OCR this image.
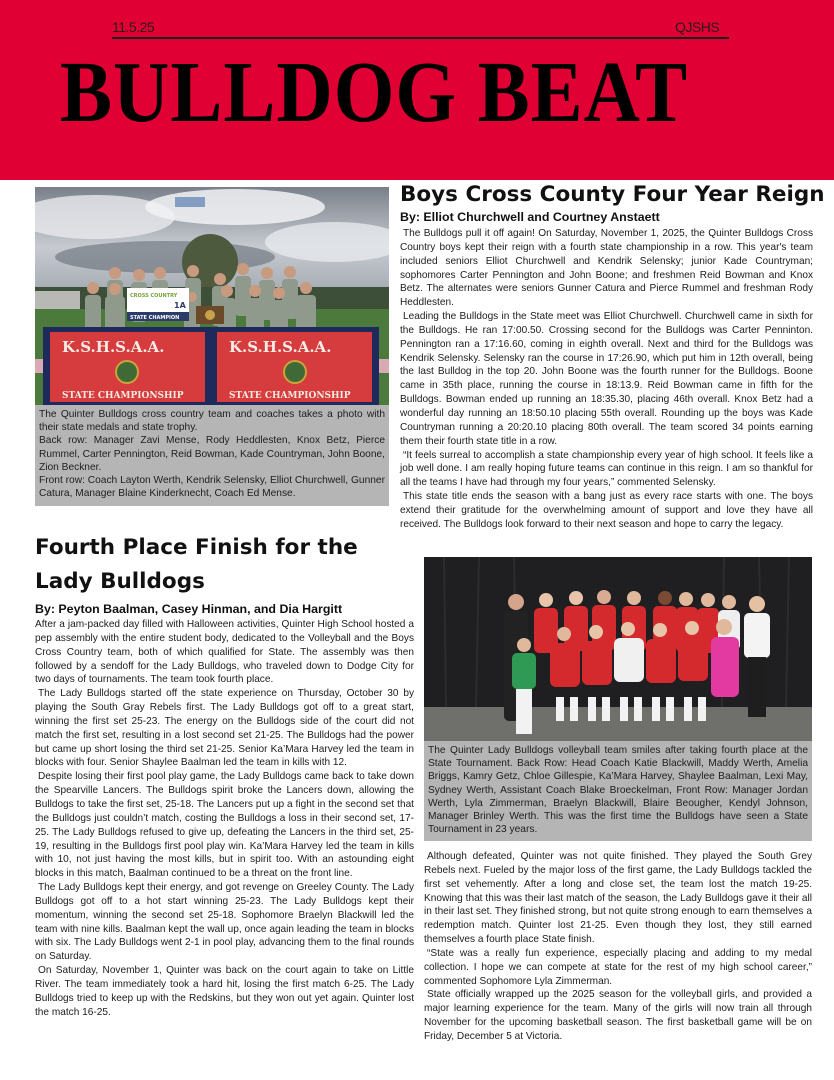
11.5.25	QJSHS
BULLDOG BEAT
CROSS COUNTRY
1A
STATE CHAMPION
K.S.H.S.A.A.	K.S.H.S.A.A.
STATE CHAMPIONSHIP	STATE CHAMPIONSHIP
The Quinter Bulldogs cross country team and coaches takes a photo with their state medals and state trophy.
Back row: Manager Zavi Mense, Rody Heddlesten, Knox Betz, Pierce Rummel, Carter Pennington, Reid Bowman, Kade Countryman, John Boone, Zion Beckner.
Front row: Coach Layton Werth, Kendrik Selensky, Elliot Churchwell, Gunner Catura, Manager Blaine Kinderknecht, Coach Ed Mense.
Boys Cross County Four Year Reign
By: Elliot Churchwell and Courtney Anstaett

The Bulldogs pull it off again! On Saturday, November 1, 2025, the Quinter Bulldogs Cross Country boys kept their reign with a fourth state championship in a row. This year's team included seniors Elliot Churchwell and Kendrik Selensky; junior Kade Countryman; sophomores Carter Pennington and John Boone; and freshmen Reid Bowman and Knox Betz. The alternates were seniors Gunner Catura and Pierce Rummel and freshman Rody Heddlesten.

Leading the Bulldogs in the State meet was Elliot Churchwell. Churchwell came in sixth for the Bulldogs. He ran 17:00.50. Crossing second for the Bulldogs was Carter Penninton. Pennington ran a 17:16.60, coming in eighth overall. Next and third for the Bulldogs was Kendrik Selensky. Selensky ran the course in 17:26.90, which put him in 12th overall, being the last Bulldog in the top 20. John Boone was the fourth runner for the Bulldogs. Boone came in 35th place, running the course in 18:13.9. Reid Bowman came in fifth for the Bulldogs. Bowman ended up running an 18:35.30, placing 46th overall. Knox Betz had a wonderful day running an 18:50.10 placing 55th overall. Rounding up the boys was Kade Countryman running a 20:20.10 placing 80th overall. The team scored 34 points earning them their fourth state title in a row.

“It feels surreal to accomplish a state championship every year of high school. It feels like a job well done. I am really hoping future teams can continue in this reign. I am so thankful for all the teams I have had through my four years,” commented Selensky.

This state title ends the season with a bang just as every race starts with one. The boys extend their gratitude for the overwhelming amount of support and love they have all received. The Bulldogs look forward to their next season and hope to carry the legacy.

Fourth Place Finish for the
Lady Bulldogs
By: Peyton Baalman, Casey Hinman, and Dia Hargitt

After a jam-packed day filled with Halloween activities, Quinter High School hosted a pep assembly with the entire student body, dedicated to the Volleyball and the Boys Cross Country team, both of which qualified for State. The assembly was then followed by a sendoff for the Lady Bulldogs, who traveled down to Dodge City for two days of tournaments. The team took fourth place.

The Lady Bulldogs started off the state experience on Thursday, October 30 by playing the South Gray Rebels first. The Lady Bulldogs got off to a great start, winning the first set 25-23. The energy on the Bulldogs side of the court did not match the first set, resulting in a lost second set 21-25. The Bulldogs had the power but came up short losing the third set 21-25. Senior Ka’Mara Harvey led the team in blocks with four. Senior Shaylee Baalman led the team in kills with 12.

Despite losing their first pool play game, the Lady Bulldogs came back to take down the Spearville Lancers. The Bulldogs spirit broke the Lancers down, allowing the Bulldogs to take the first set, 25-18. The Lancers put up a fight in the second set that the Bulldogs just couldn’t match, costing the Bulldogs a loss in their second set, 17-25. The Lady Bulldogs refused to give up, defeating the Lancers in the third set, 25-19, resulting in the Bulldogs first pool play win. Ka’Mara Harvey led the team in kills with 10, not just having the most kills, but in spirit too. With an astounding eight blocks in this match, Baalman continued to be a threat on the front line.

The Lady Bulldogs kept their energy, and got revenge on Greeley County. The Lady Bulldogs got off to a hot start winning 25-23. The Lady Bulldogs kept their momentum, winning the second set 25-18. Sophomore Braelyn Blackwill led the team with nine kills. Baalman kept the wall up, once again leading the team in blocks with six. The Lady Bulldogs went 2-1 in pool play, advancing them to the final rounds on Saturday.

On Saturday, November 1, Quinter was back on the court again to take on Little River. The team immediately took a hard hit, losing the first match 6-25. The Lady Bulldogs tried to keep up with the Redskins, but they won out yet again. Quinter lost the match 16-25.

The Quinter Lady Bulldogs volleyball team smiles after taking fourth place at the State Tournament. Back Row: Head Coach Katie Blackwill, Maddy Werth, Amelia Briggs, Kamry Getz, Chloe Gillespie, Ka’Mara Harvey, Shaylee Baalman, Lexi May, Sydney Werth, Assistant Coach Blake Broeckelman, Front Row: Manager Jordan Werth, Lyla Zimmerman, Braelyn Blackwill, Blaire Beougher, Kendyl Johnson, Manager Brinley Werth. This was the first time the Bulldogs have seen a State Tournament in 23 years.

Although defeated, Quinter was not quite finished. They played the South Grey Rebels next. Fueled by the major loss of the first game, the Lady Bulldogs tackled the first set vehemently. After a long and close set, the team lost the match 19-25. Knowing that this was their last match of the season, the Lady Bulldogs gave it their all in their last set. They finished strong, but not quite strong enough to earn themselves a redemption match. Quinter lost 21-25. Even though they lost, they still earned themselves a fourth place State finish.

“State was a really fun experience, especially placing and adding to my medal collection. I hope we can compete at state for the rest of my high school career,” commented Sophomore Lyla Zimmerman.

State officially wrapped up the 2025 season for the volleyball girls, and provided a major learning experience for the team. Many of the girls will now train all through November for the upcoming basketball season. The first basketball game will be on Friday, December 5 at Victoria.
